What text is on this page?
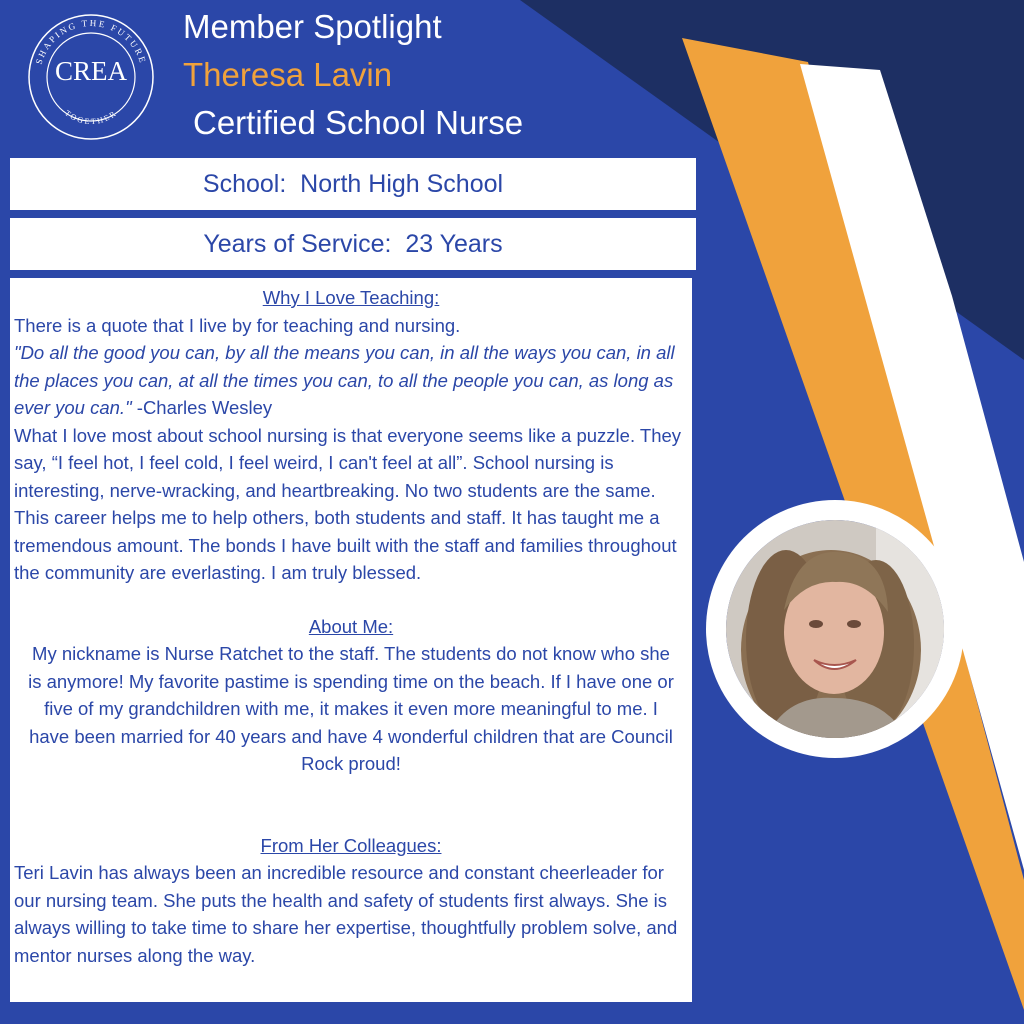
SHAPING THE FUTURE
TOGETHER
CREA
Member Spotlight
Theresa Lavin
Certified School Nurse
School:  North High School
Years of Service:  23 Years
Why I Love Teaching:
There is a quote that I live by for teaching and nursing.
"Do all the good you can, by all the means you can, in all the ways you can, in all the places you can, at all the times you can, to all the people you can, as long as ever you can." -Charles Wesley
What I love most about school nursing is that everyone seems like a puzzle. They say, “I feel hot, I feel cold, I feel weird, I can't feel at all”. School nursing is interesting, nerve-wracking, and heartbreaking. No two students are the same. This career helps me to help others, both students and staff. It has taught me a tremendous amount. The bonds I have built with the staff and families throughout the community are everlasting. I am truly blessed.
About Me:
My nickname is Nurse Ratchet to the staff. The students do not know who she is anymore! My favorite pastime is spending time on the beach. If I have one or five of my grandchildren with me, it makes it even more meaningful to me. I have been married for 40 years and have 4 wonderful children that are Council Rock proud!
From Her Colleagues:
Teri Lavin has always been an incredible resource and constant cheerleader for our nursing team. She puts the health and safety of students first always. She is always willing to take time to share her expertise, thoughtfully problem solve, and mentor nurses along the way.
